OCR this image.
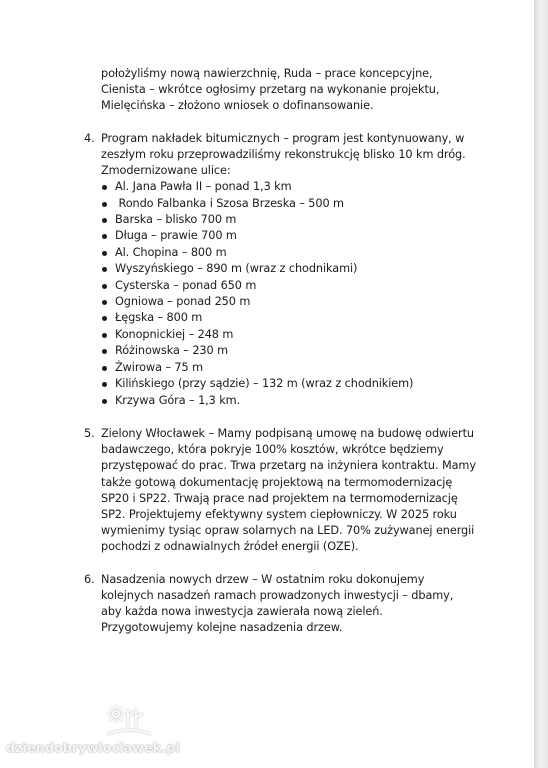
położyliśmy nową nawierzchnię, Ruda – prace koncepcyjne, Cienista – wkrótce ogłosimy przetarg na wykonanie projektu, Mielęcińska – złożono wniosek o dofinansowanie.

4. Program nakładek bitumicznych – program jest kontynuowany, w zeszłym roku przeprowadziliśmy rekonstrukcję blisko 10 km dróg. Zmodernizowane ulice:

Al. Jana Pawła II – ponad 1,3 km
Rondo Falbanka i Szosa Brzeska – 500 m
Barska – blisko 700 m
Długa – prawie 700 m
Al. Chopina – 800 m
Wyszyńskiego – 890 m (wraz z chodnikami)
Cysterska – ponad 650 m
Ogniowa – ponad 250 m
Łęgska – 800 m
Konopnickiej – 248 m
Różinowska – 230 m
Żwirowa – 75 m
Kilińskiego (przy sądzie) – 132 m (wraz z chodnikiem)
Krzywa Góra – 1,3 km.
5. Zielony Włocławek – Mamy podpisaną umowę na budowę odwiertu badawczego, która pokryje 100% kosztów, wkrótce będziemy przystępować do prac. Trwa przetarg na inżyniera kontraktu. Mamy także gotową dokumentację projektową na termomodernizację SP20 i SP22. Trwają prace nad projektem na termomodernizację SP2. Projektujemy efektywny system ciepłowniczy. W 2025 roku wymienimy tysiąc opraw solarnych na LED. 70% zużywanej energii pochodzi z odnawialnych źródeł energii (OZE).

6. Nasadzenia nowych drzew – W ostatnim roku dokonujemy kolejnych nasadzeń ramach prowadzonych inwestycji – dbamy, aby każda nowa inwestycja zawierała nową zieleń. Przygotowujemy kolejne nasadzenia drzew.

dziendobrywloclawek.pl
